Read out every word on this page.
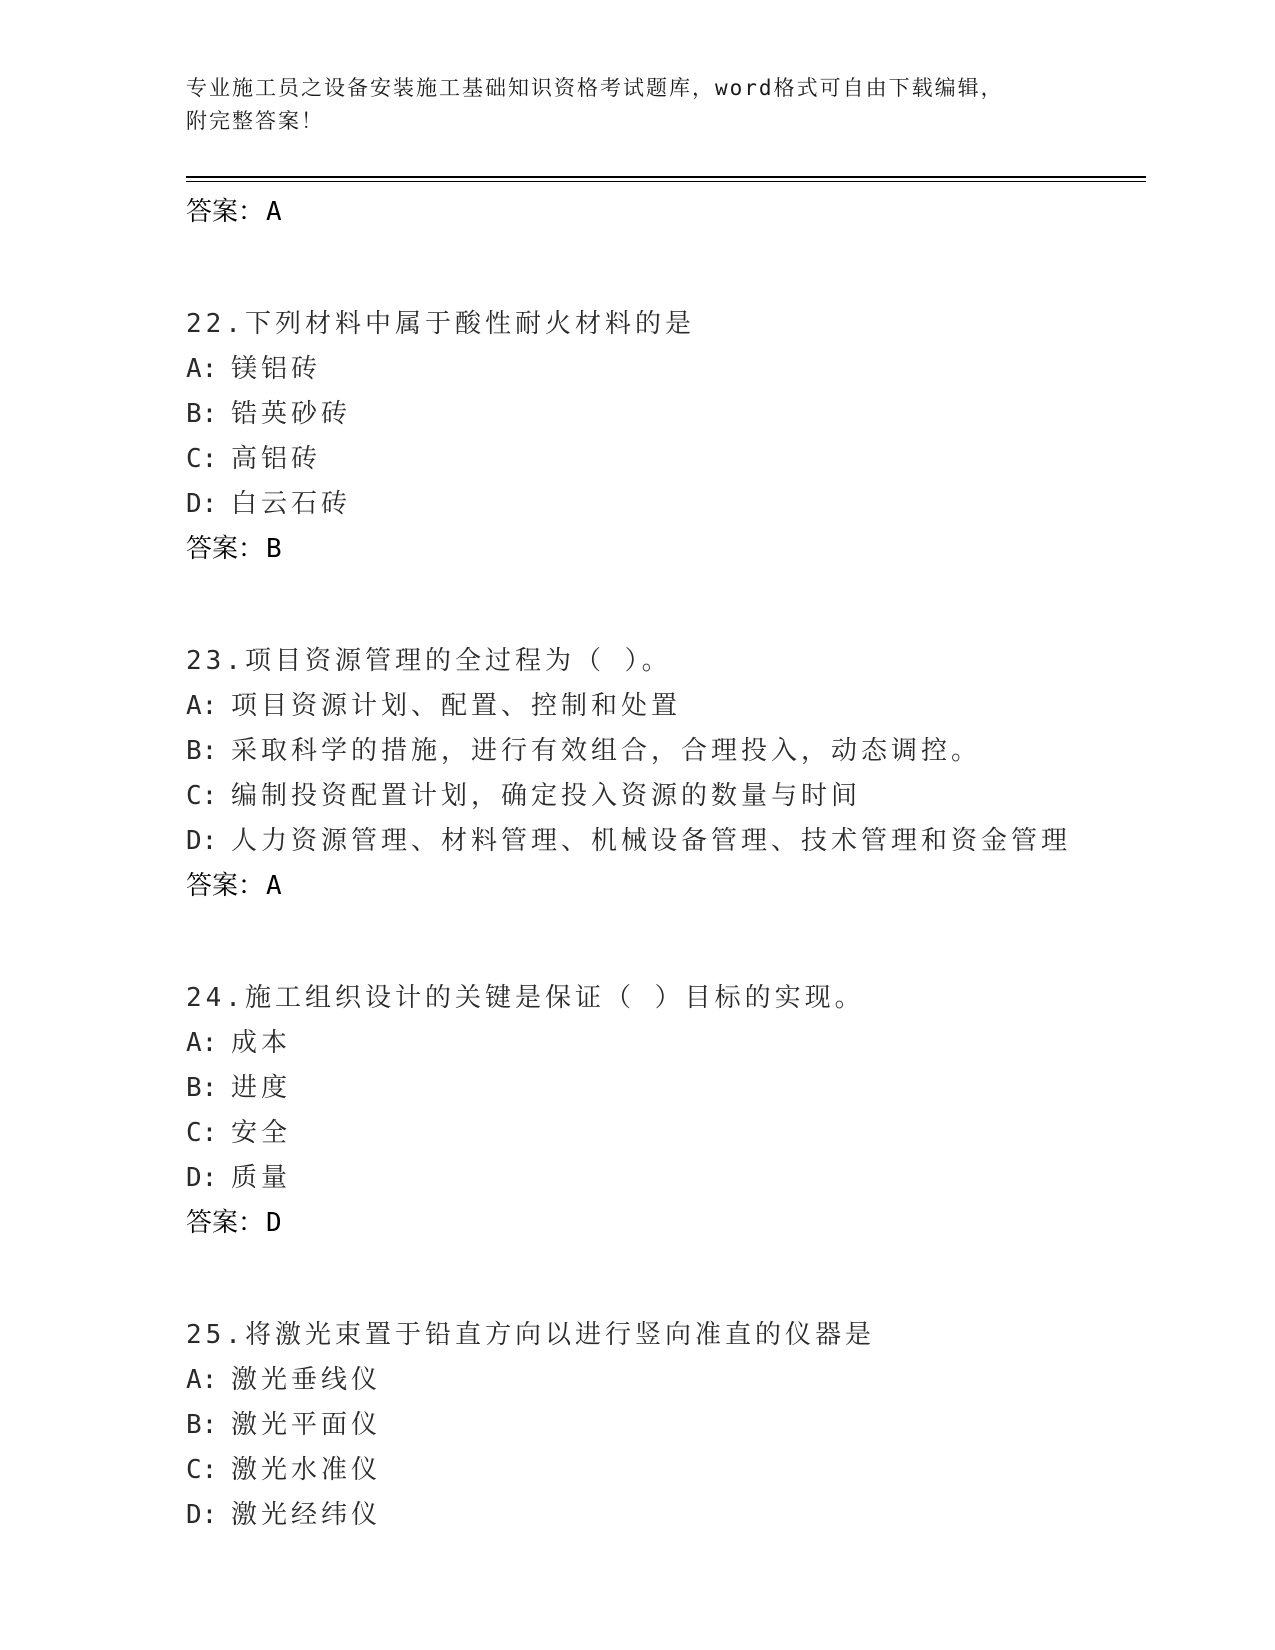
专业施工员之设备安装施工基础知识资格考试题库，word格式可自由下载编辑，
附完整答案！
答案：A
22.下列材料中属于酸性耐火材料的是
A: 镁铝砖
B: 锆英砂砖
C: 高铝砖
D: 白云石砖
答案：B
23.项目资源管理的全过程为（ ）。
A: 项目资源计划、配置、控制和处置
B: 采取科学的措施，进行有效组合，合理投入，动态调控。
C: 编制投资配置计划，确定投入资源的数量与时间
D: 人力资源管理、材料管理、机械设备管理、技术管理和资金管理
答案：A
24.施工组织设计的关键是保证（ ）目标的实现。
A: 成本
B: 进度
C: 安全
D: 质量
答案：D
25.将激光束置于铅直方向以进行竖向准直的仪器是
A: 激光垂线仪
B: 激光平面仪
C: 激光水准仪
D: 激光经纬仪
